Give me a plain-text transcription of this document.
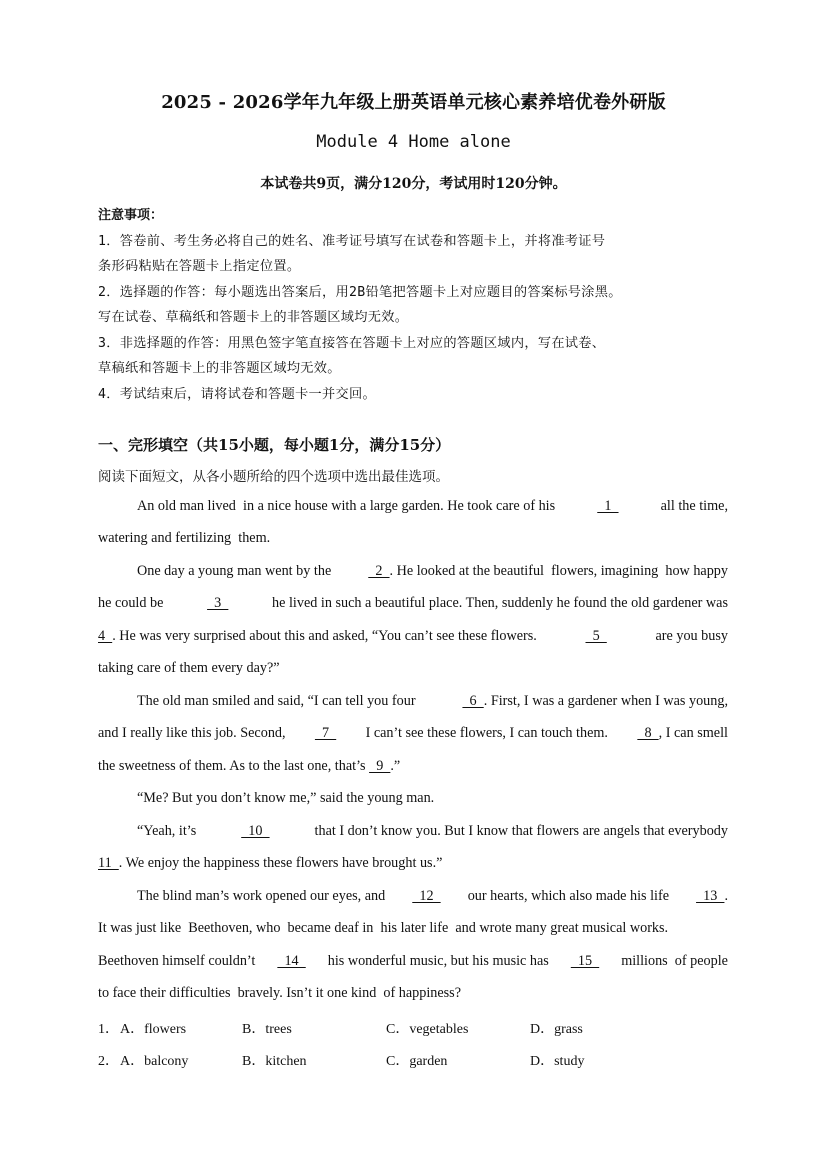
2025 - 2026学年九年级上册英语单元核心素养培优卷外研版
Module 4 Home alone
本试卷共9页，满分120分，考试用时120分钟。
注意事项：
1．答卷前、考生务必将自己的姓名、准考证号填写在试卷和答题卡上，并将准考证号
条形码粘贴在答题卡上指定位置。
2．选择题的作答：每小题选出答案后，用2B铅笔把答题卡上对应题目的答案标号涂黑。
写在试卷、草稿纸和答题卡上的非答题区域均无效。
3．非选择题的作答：用黑色签字笔直接答在答题卡上对应的答题区域内，写在试卷、
草稿纸和答题卡上的非答题区域均无效。
4．考试结束后，请将试卷和答题卡一并交回。
一、完形填空（共15小题，每小题1分，满分15分）
阅读下面短文，从各小题所给的四个选项中选出最佳选项。
An old man lived  in a nice house with a large garden. He took care of his	1	all the time,
watering and fertilizing  them.
One day a young man went by the	2  . He looked at the beautiful  flowers, imagining  how happy
he could be	3	he lived in such a beautiful place. Then, suddenly he found the old gardener was
4  . He was very surprised about this and asked, “You can’t see these flowers.	5	are you busy
taking care of them every day?”
The old man smiled and said, “I can tell you four	6  . First, I was a gardener when I was young,
and I really like this job. Second, 7 I can’t see these flowers, I can touch them. 8  , I can smell
the sweetness of them. As to the last one, that’s
9 .”
“Me? But you don’t know me,” said the young man.
“Yeah, it’s	10	that I don’t know you. But I know that flowers are angels that everybody
11 . We enjoy the happiness these flowers have brought us.”
The blind man’s work opened our eyes, and 12 our hearts, which also made his life 13  .
It was just like  Beethoven, who  became deaf in  his later life  and wrote many great musical works.
Beethoven himself couldn’t 14 his wonderful music, but his music has 15 millions  of people
to face their difficulties  bravely. Isn’t it one kind  of happiness?
1． A．flowers	B．trees	C．vegetables	D．grass
2． A．balcony	B．kitchen	C．garden	D．study
